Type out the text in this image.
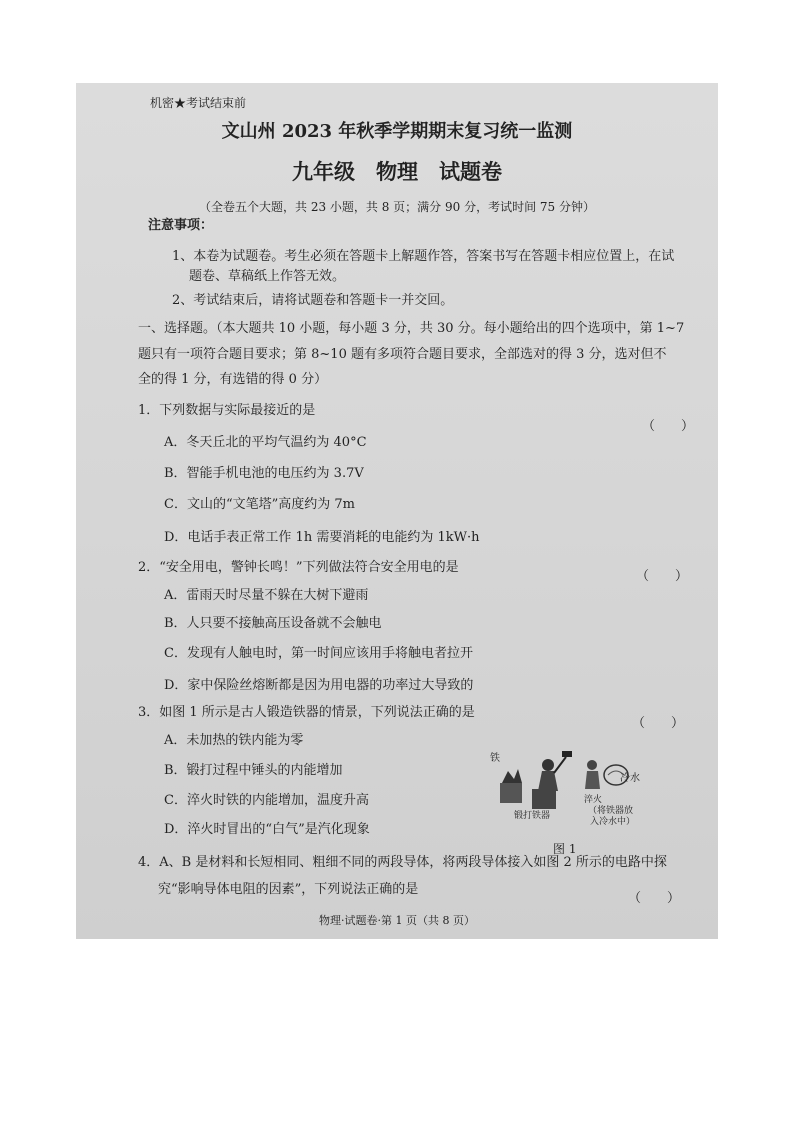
机密★考试结束前
文山州 2023 年秋季学期期末复习统一监测
九年级　物理　试题卷
（全卷五个大题，共 23 小题，共 8 页；满分 90 分，考试时间 75 分钟）
注意事项：
1、本卷为试题卷。考生必须在答题卡上解题作答，答案书写在答题卡相应位置上，在试
题卷、草稿纸上作答无效。
2、考试结束后，请将试题卷和答题卡一并交回。
一、选择题。（本大题共 10 小题，每小题 3 分，共 30 分。每小题给出的四个选项中，第 1~7
题只有一项符合题目要求；第 8~10 题有多项符合题目要求，全部选对的得 3 分，选对但不
全的得 1 分，有选错的得 0 分）
1．下列数据与实际最接近的是
（　　）
A．冬天丘北的平均气温约为 40°C
B．智能手机电池的电压约为 3.7V
C．文山的“文笔塔”高度约为 7m
D．电话手表正常工作 1h 需要消耗的电能约为 1kW·h
2．“安全用电，警钟长鸣！”下列做法符合安全用电的是
（　　）
A．雷雨天时尽量不躲在大树下避雨
B．人只要不接触高压设备就不会触电
C．发现有人触电时，第一时间应该用手将触电者拉开
D．家中保险丝熔断都是因为用电器的功率过大导致的
3．如图 1 所示是古人锻造铁器的情景，下列说法正确的是
（　　）
A．未加热的铁内能为零
B．锻打过程中锤头的内能增加
C．淬火时铁的内能增加，温度升高
D．淬火时冒出的“白气”是汽化现象
铁
冷水
锻打铁器
淬火
（将铁器放
入冷水中）
图 1
4．A、B 是材料和长短相同、粗细不同的两段导体，将两段导体接入如图 2 所示的电路中探
究“影响导体电阻的因素”，下列说法正确的是
（　　）
物理·试题卷·第 1 页（共 8 页）
